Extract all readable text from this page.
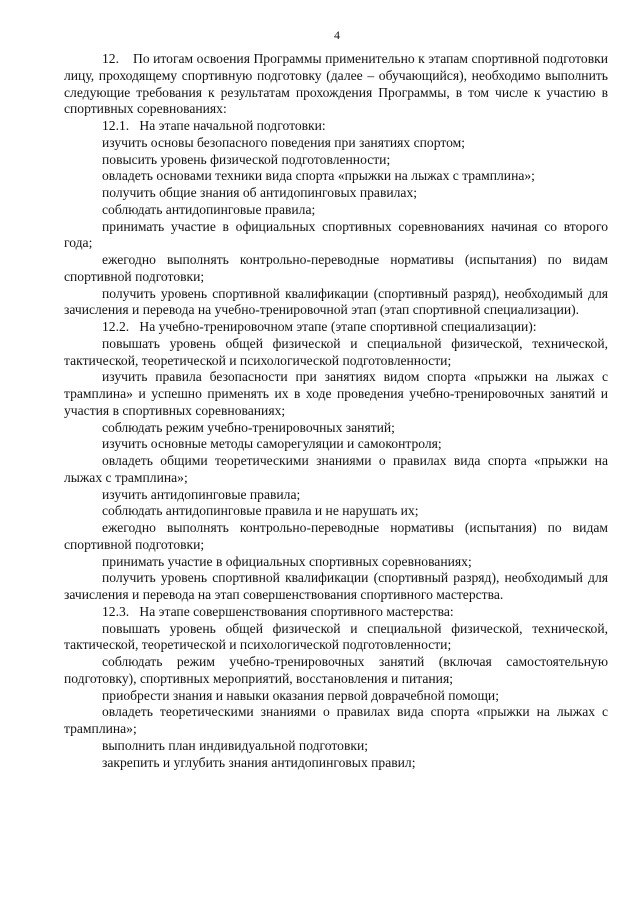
4

12.    По итогам освоения Программы применительно к этапам спортивной подготовки лицу, проходящему спортивную подготовку (далее – обучающийся), необходимо выполнить следующие требования к результатам прохождения Программы, в том числе к участию в спортивных соревнованиях:

12.1.   На этапе начальной подготовки:

изучить основы безопасного поведения при занятиях спортом;

повысить уровень физической подготовленности;

овладеть основами техники вида спорта «прыжки на лыжах с трамплина»;

получить общие знания об антидопинговых правилах;

соблюдать антидопинговые правила;

принимать участие в официальных спортивных соревнованиях начиная со второго года;

ежегодно выполнять контрольно-переводные нормативы (испытания) по видам спортивной подготовки;

получить уровень спортивной квалификации (спортивный разряд), необходимый для зачисления и перевода на учебно-тренировочной этап (этап спортивной специализации).

12.2.   На учебно-тренировочном этапе (этапе спортивной специализации):

повышать уровень общей физической и специальной физической, технической, тактической, теоретической и психологической подготовленности;

изучить правила безопасности при занятиях видом спорта «прыжки на лыжах с трамплина» и успешно применять их в ходе проведения учебно-тренировочных занятий и участия в спортивных соревнованиях;

соблюдать режим учебно-тренировочных занятий;

изучить основные методы саморегуляции и самоконтроля;

овладеть общими теоретическими знаниями о правилах вида спорта «прыжки на лыжах с трамплина»;

изучить антидопинговые правила;

соблюдать антидопинговые правила и не нарушать их;

ежегодно выполнять контрольно-переводные нормативы (испытания) по видам спортивной подготовки;

принимать участие в официальных спортивных соревнованиях;

получить уровень спортивной квалификации (спортивный разряд), необходимый для зачисления и перевода на этап совершенствования спортивного мастерства.

12.3.   На этапе совершенствования спортивного мастерства:

повышать уровень общей физической и специальной физической, технической, тактической, теоретической и психологической подготовленности;

соблюдать режим учебно-тренировочных занятий (включая самостоятельную подготовку), спортивных мероприятий, восстановления и питания;

приобрести знания и навыки оказания первой доврачебной помощи;

овладеть теоретическими знаниями о правилах вида спорта «прыжки на лыжах с трамплина»;

выполнить план индивидуальной подготовки;

закрепить и углубить знания антидопинговых правил;
